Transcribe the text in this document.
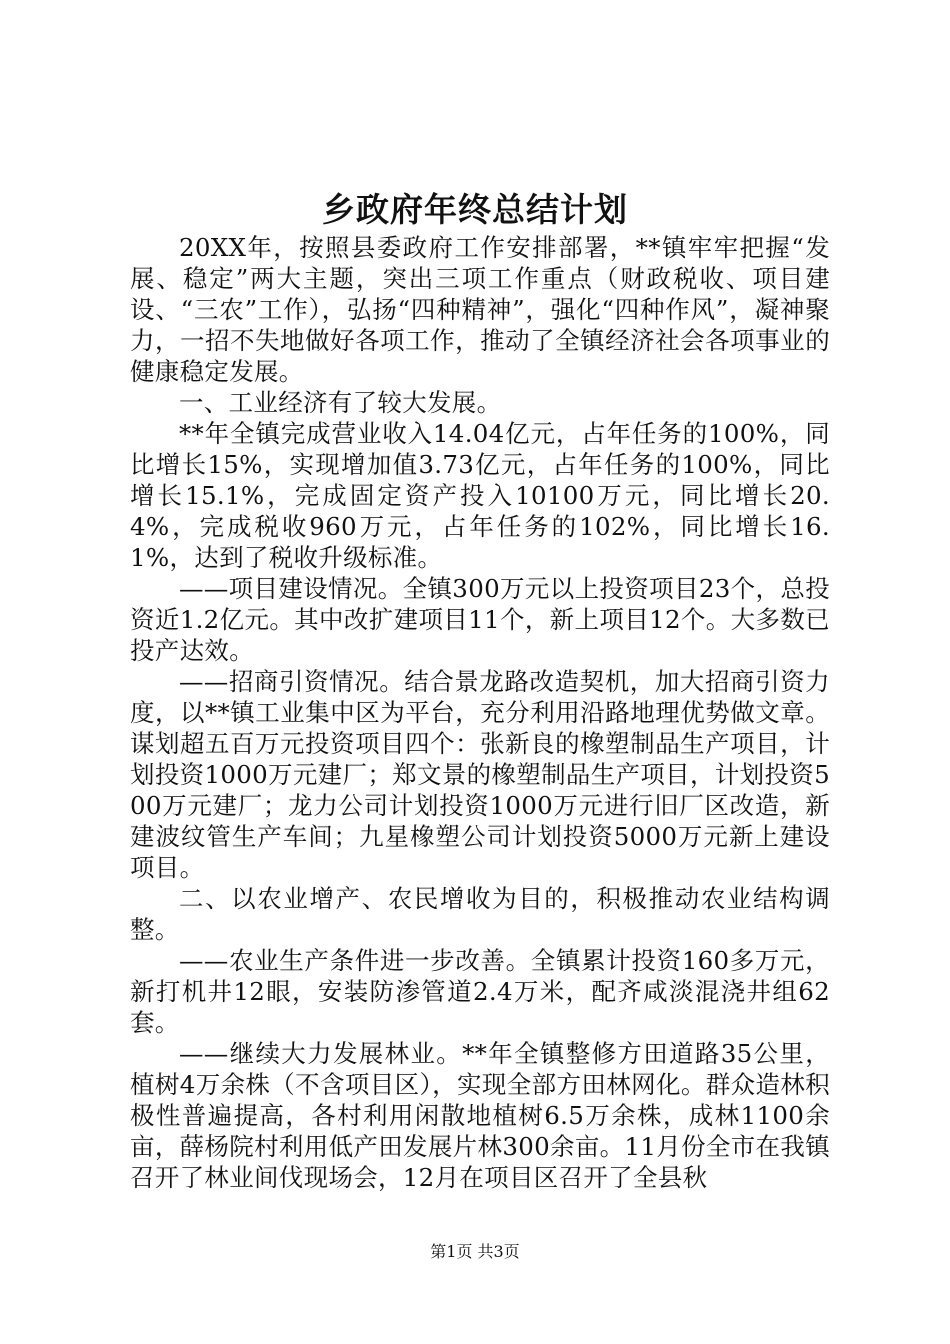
乡政府年终总结计划

20XX年，按照县委政府工作安排部署，**镇牢牢把握“发展、稳定”两大主题，突出三项工作重点（财政税收、项目建设、“三农”工作），弘扬“四种精神”，强化“四种作风”，凝神聚力，一招不失地做好各项工作，推动了全镇经济社会各项事业的健康稳定发展。

一、工业经济有了较大发展。

**年全镇完成营业收入14.04亿元，占年任务的100%，同比增长15%，实现增加值3.73亿元，占年任务的100%，同比增长15.1%，完成固定资产投入10100万元，同比增长20.4%，完成税收960万元，占年任务的102%，同比增长16.1%，达到了税收升级标准。

——项目建设情况。全镇300万元以上投资项目23个，总投资近1.2亿元。其中改扩建项目11个，新上项目12个。大多数已投产达效。

——招商引资情况。结合景龙路改造契机，加大招商引资力度，以**镇工业集中区为平台，充分利用沿路地理优势做文章。谋划超五百万元投资项目四个：张新良的橡塑制品生产项目，计划投资1000万元建厂；郑文景的橡塑制品生产项目，计划投资500万元建厂；龙力公司计划投资1000万元进行旧厂区改造，新建波纹管生产车间；九星橡塑公司计划投资5000万元新上建设项目。

二、以农业增产、农民增收为目的，积极推动农业结构调整。

——农业生产条件进一步改善。全镇累计投资160多万元，新打机井12眼，安装防渗管道2.4万米，配齐咸淡混浇井组62套。

——继续大力发展林业。**年全镇整修方田道路35公里，植树4万余株（不含项目区），实现全部方田林网化。群众造林积极性普遍提高，各村利用闲散地植树6.5万余株，成林1100余亩，薛杨院村利用低产田发展片林300余亩。11月份全市在我镇召开了林业间伐现场会，12月在项目区召开了全县秋

第1页 共3页
